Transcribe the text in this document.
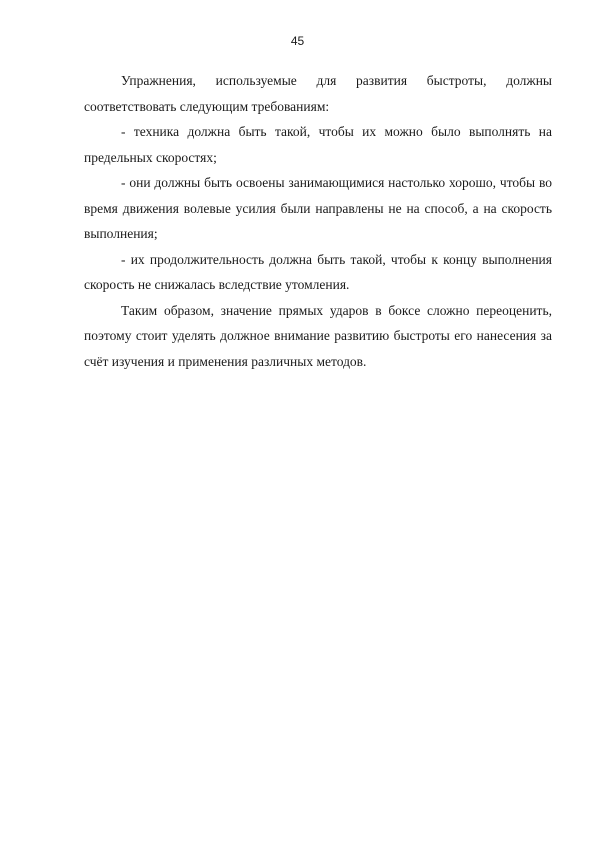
45

Упражнения, используемые для развития быстроты, должны соответствовать следующим требованиям:

- техника должна быть такой, чтобы их можно было выполнять на предельных скоростях;

- они должны быть освоены занимающимися настолько хорошо, чтобы во время движения волевые усилия были направлены не на способ, а на скорость выполнения;

- их продолжительность должна быть такой, чтобы к концу выполнения скорость не снижалась вследствие утомления.

Таким образом, значение прямых ударов в боксе сложно переоценить, поэтому стоит уделять должное внимание развитию быстроты его нанесения за счёт изучения и применения различных методов.
